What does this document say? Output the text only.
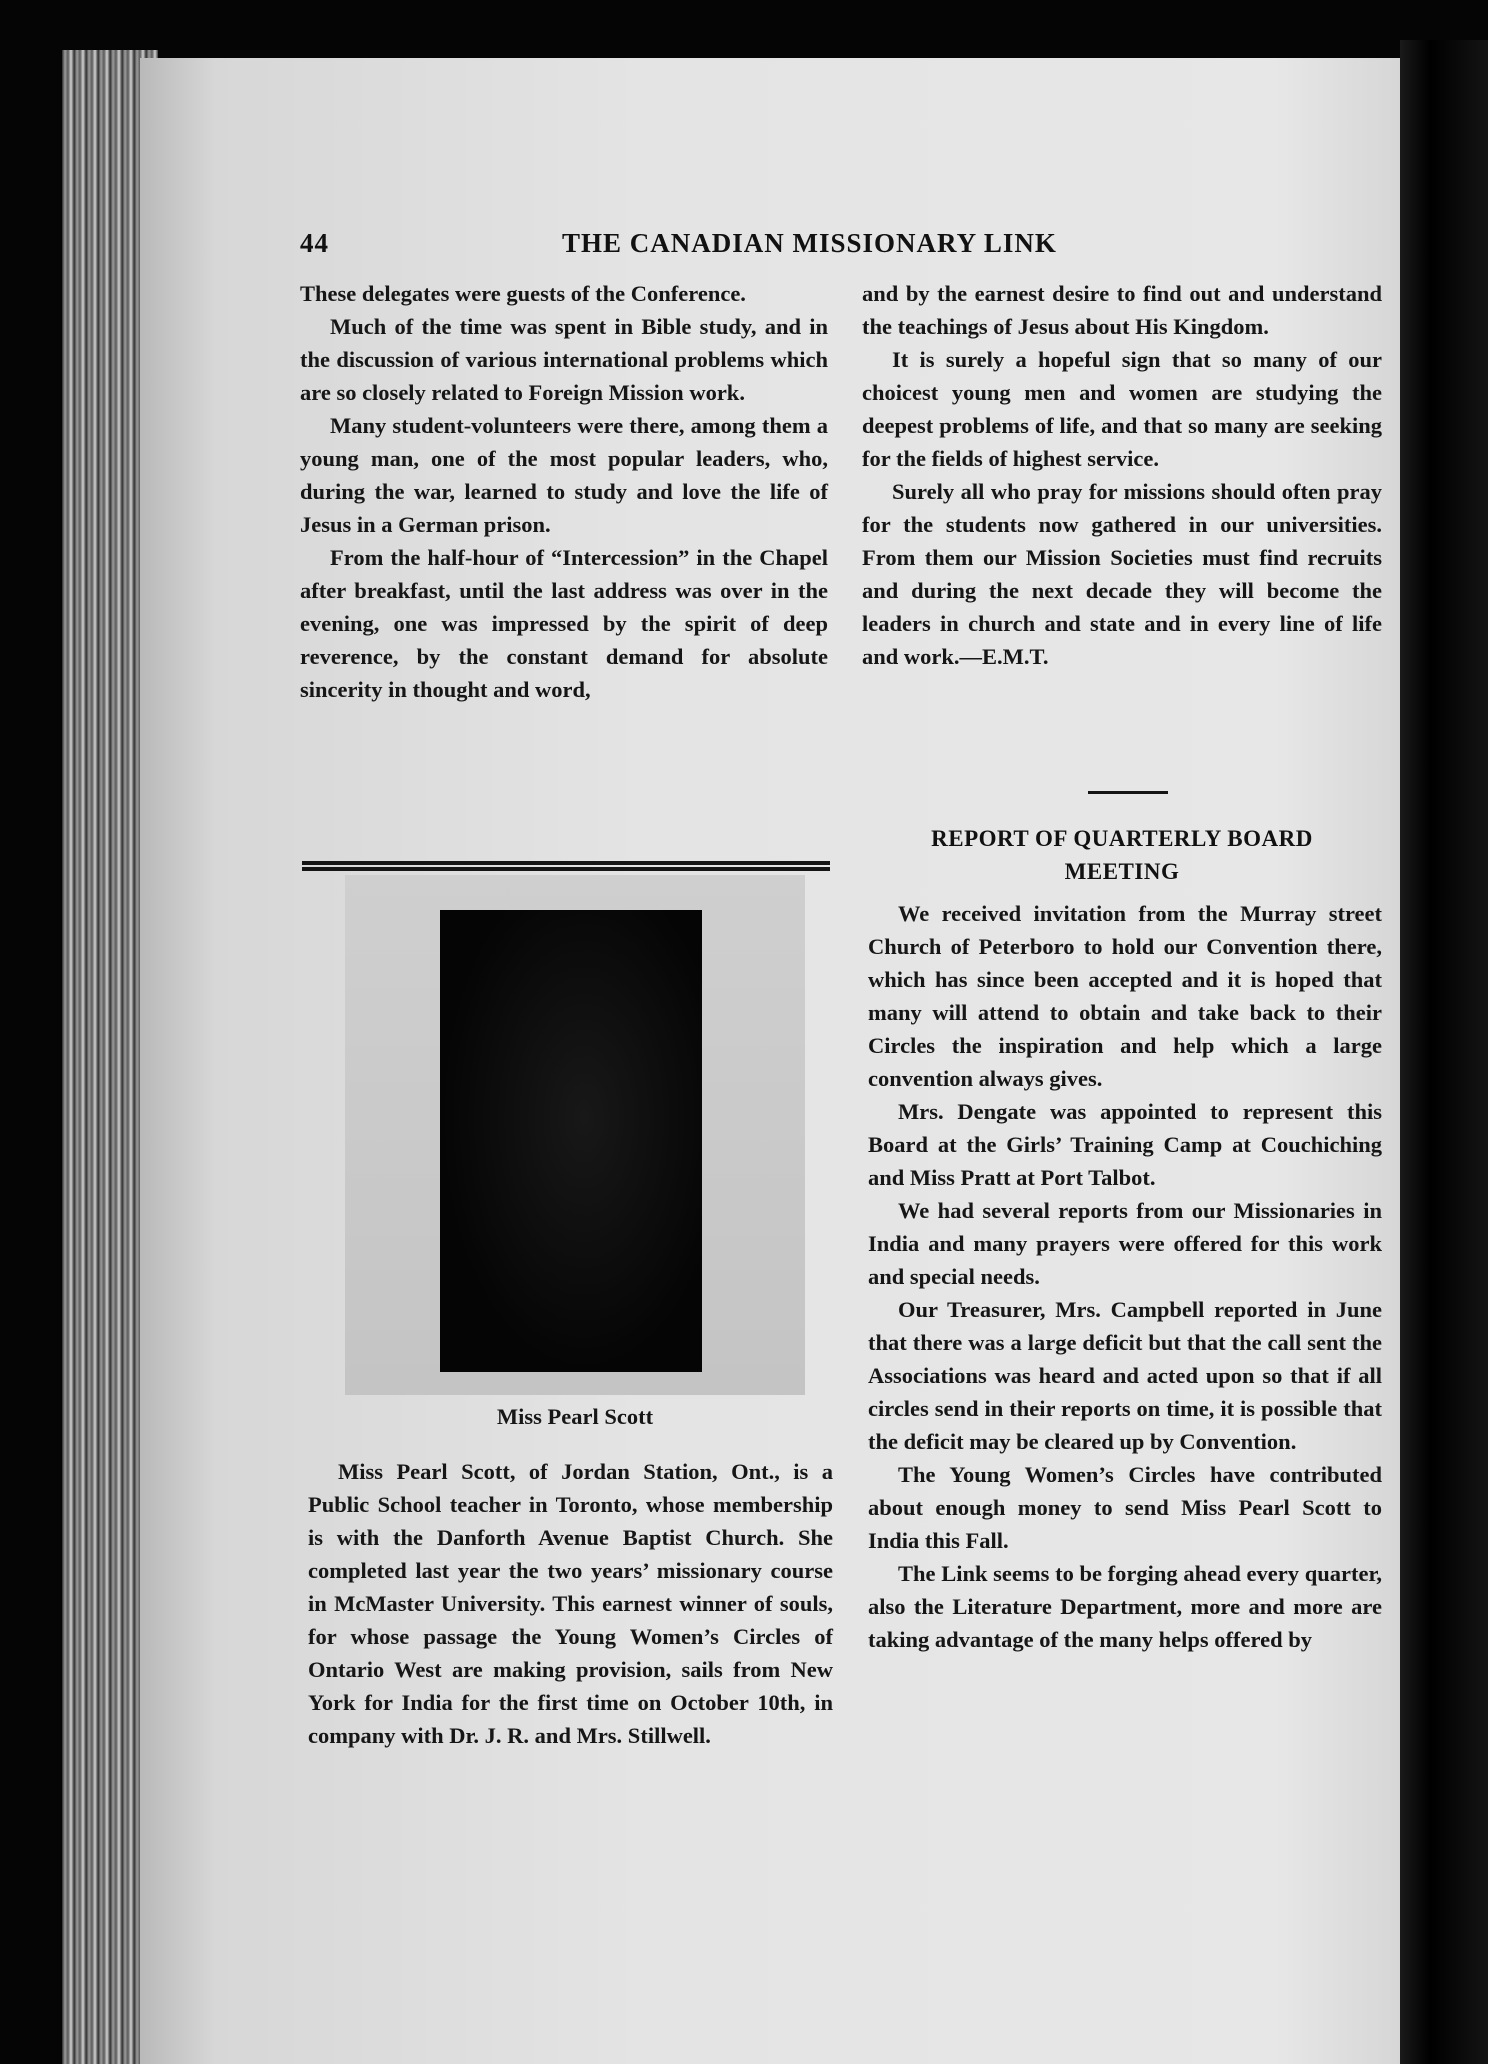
44	THE CANADIAN MISSIONARY LINK

These delegates were guests of the Conference.

Much of the time was spent in Bible study, and in the discussion of various international problems which are so closely related to Foreign Mission work.

Many student-volunteers were there, among them a young man, one of the most popular leaders, who, during the war, learned to study and love the life of Jesus in a German prison.

From the half-hour of “Intercession” in the Chapel after breakfast, until the last address was over in the evening, one was impressed by the spirit of deep reverence, by the constant demand for absolute sincerity in thought and word,

Miss Pearl Scott

Miss Pearl Scott, of Jordan Station, Ont., is a Public School teacher in Toronto, whose membership is with the Danforth Avenue Baptist Church. She completed last year the two years’ missionary course in McMaster University. This earnest winner of souls, for whose passage the Young Women’s Circles of Ontario West are making provision, sails from New York for India for the first time on October 10th, in company with Dr. J. R. and Mrs. Stillwell.

and by the earnest desire to find out and understand the teachings of Jesus about His Kingdom.

It is surely a hopeful sign that so many of our choicest young men and women are studying the deepest problems of life, and that so many are seeking for the fields of highest service.

Surely all who pray for missions should often pray for the students now gathered in our universities. From them our Mission Societies must find recruits and during the next decade they will become the leaders in church and state and in every line of life and work.—E.M.T.

REPORT OF QUARTERLY BOARD
MEETING

We received invitation from the Murray street Church of Peterboro to hold our Convention there, which has since been accepted and it is hoped that many will attend to obtain and take back to their Circles the inspiration and help which a large convention always gives.

Mrs. Dengate was appointed to represent this Board at the Girls’ Training Camp at Couchiching and Miss Pratt at Port Talbot.

We had several reports from our Missionaries in India and many prayers were offered for this work and special needs.

Our Treasurer, Mrs. Campbell reported in June that there was a large deficit but that the call sent the Associations was heard and acted upon so that if all circles send in their reports on time, it is possible that the deficit may be cleared up by Convention.

The Young Women’s Circles have contributed about enough money to send Miss Pearl Scott to India this Fall.

The Link seems to be forging ahead every quarter, also the Literature Department, more and more are taking advantage of the many helps offered by
